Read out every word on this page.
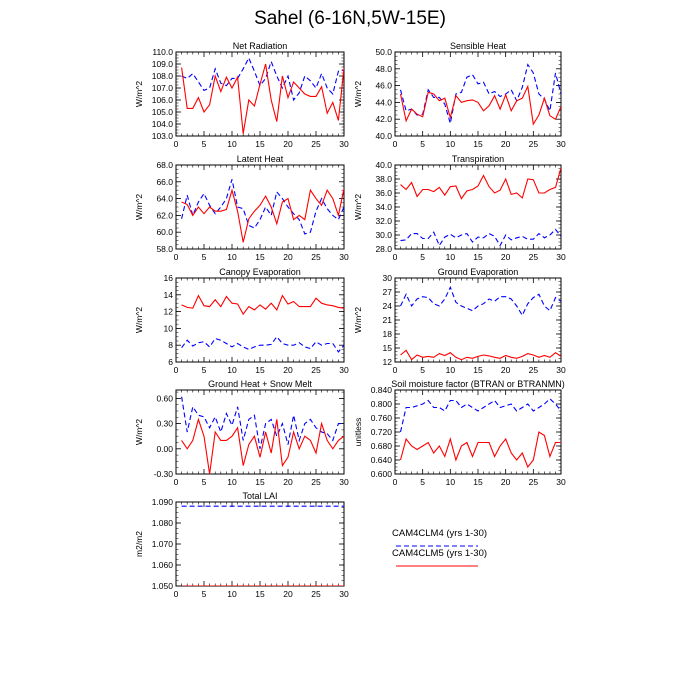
Sahel (6-16N,5W-15E)
0	5 10 15 20 25 30
103.0
104.0
105.0
106.0
107.0
108.0
109.0
110.0
Net Radiation
W/m^2
0	5 10 15 20 25 30
40.0
42.0
44.0
46.0
48.0
50.0
Sensible Heat
W/m^2
0	5 10 15 20 25 30
58.0
60.0
62.0
64.0
66.0
68.0
Latent Heat
W/m^2
0	5 10 15 20 25 30
28.0
30.0
32.0
34.0
36.0
38.0
40.0
Transpiration
W/m^2
0	5 10 15 20 25 30
6
8
10
12
14
16
Canopy Evaporation
W/m^2
0	5 10 15 20 25 30
12
15
18
21
24
27
30
Ground Evaporation
W/m^2
0	5 10 15 20 25 30
-0.30
0.00
0.30
0.60
Ground Heat + Snow Melt
W/m^2
0	5 10 15 20 25 30
0.600
0.640
0.680
0.720
0.760
0.800
0.840
Soil moisture factor (BTRAN or BTRANMN)
unitless
0	5 10 15 20 25 30
1.050
1.060
1.070
1.080
1.090
Total LAI
m2/m2	CAM4CLM4 (yrs 1-30)
CAM4CLM5 (yrs 1-30)
